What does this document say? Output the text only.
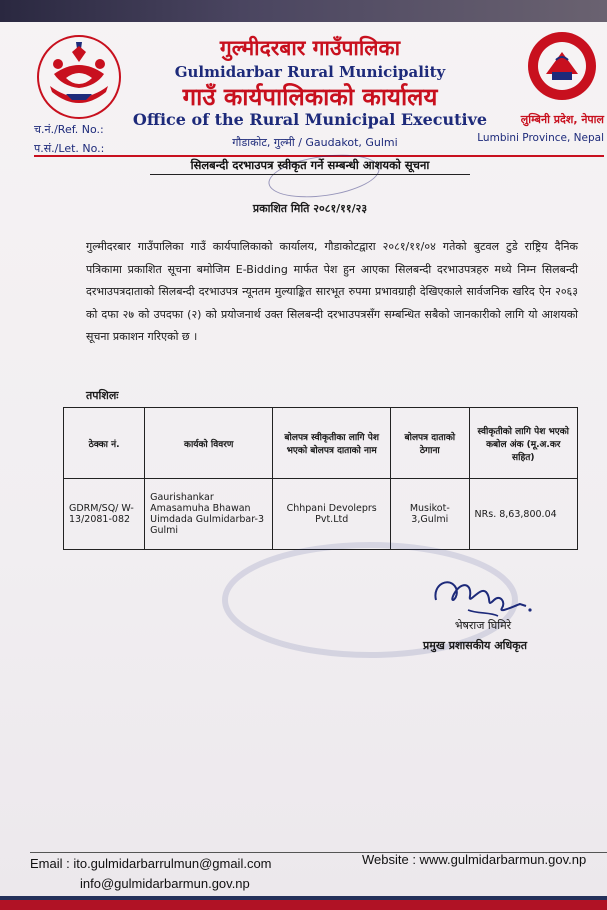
गुल्मीदरबार गाउँपालिका
Gulmidarbar Rural Municipality
गाउँ कार्यपालिकाको कार्यालय
Office of the Rural Municipal Executive
गौडाकोट, गुल्मी / Gaudakot, Gulmi
लुम्बिनी प्रदेश, नेपाल
Lumbini Province, Nepal
च.नं./Ref. No.:
प.सं./Let. No.:
सिलबन्दी दरभाउपत्र स्वीकृत गर्ने सम्बन्धी आशयको सूचना
प्रकाशित मिति २०८१/११/२३

गुल्मीदरबार गाउँपालिका गाउँ कार्यपालिकाको कार्यालय, गौडाकोटद्वारा २०८१/११/०४ गतेको बुटवल टुडे राष्ट्रिय दैनिक पत्रिकामा प्रकाशित सूचना बमोजिम E-Bidding मार्फत पेश हुन आएका सिलबन्दी दरभाउपत्रहरु मध्ये निम्न सिलबन्दी दरभाउपत्रदाताको सिलबन्दी दरभाउपत्र न्यूनतम मुल्याङ्कित सारभूत रुपमा प्रभावग्राही देखिएकाले सार्वजनिक खरिद ऐन २०६३ को दफा २७ को उपदफा (२) को प्रयोजनार्थ उक्त सिलबन्दी दरभाउपत्रसँग सम्बन्धित सबैको जानकारीको लागि यो आशयको सूचना प्रकाशन गरिएको छ ।

तपशिलः
ठेक्का नं.	कार्यको विवरण	बोलपत्र स्वीकृतीका लागि पेश भएको बोलपत्र दाताको नाम	बोलपत्र दाताको ठेगाना	स्वीकृतीको लागि पेश भएको कबोल अंक (मू.अ.कर सहित)
GDRM/SQ/ W-13/2081-082	Gaurishankar Amasamuha Bhawan Uimdada Gulmidarbar-3 Gulmi	Chhpani Devoleprs Pvt.Ltd	Musikot-3,Gulmi	NRs. 8,63,800.04
भेषराज घिमिरे
प्रमुख प्रशासकीय अधिकृत
Email : ito.gulmidarbarrulmun@gmail.com
info@gulmidarbarmun.gov.np
Website : www.gulmidarbarmun.gov.np
